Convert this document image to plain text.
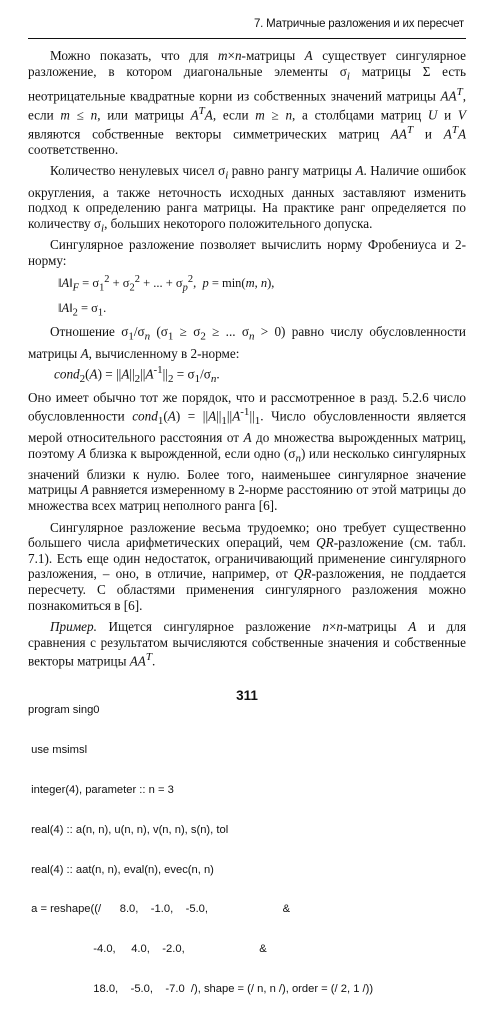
7. Матричные разложения и их пересчет

Можно показать, что для m×n-матрицы A существует сингулярное разложение, в котором диагональные элементы $\sigma_i$ матрицы Σ есть неотрицательные квадратные корни из собственных значений матрицы $AA^T$, если m ≤ n, или матрицы $A^TA$, если m ≥ n, а столбцами матриц U и V являются собственные векторы симметрических матриц $AA^T$ и $A^TA$ соответственно.

Количество ненулевых чисел $\sigma_i$ равно рангу матрицы A. Наличие ошибок округления, а также неточность исходных данных заставляют изменить подход к определению ранга матрицы. На практике ранг определяется по количеству $\sigma_i$, больших некоторого положительного допуска.

Сингулярное разложение позволяет вычислить норму Фробениуса и 2-норму:

$‖A‖_F = \sigma_1^2 + \sigma_2^2$ + ... + $\sigma_p^2$,  p = min(m, n),

$‖A‖_2 = \sigma_1$.

Отношение $\sigma_1/\sigma_n$ ($\sigma_1 \ge \sigma_2$ ≥ ... $\sigma_n > 0$) равно числу обусловленности матрицы A, вычисленному в 2-норме:

cond$_2$(A) = $||A||_2||A^{-1}||_2 = \sigma_1/\sigma_n$.

Оно имеет обычно тот же порядок, что и рассмотренное в разд. 5.2.6 число обусловленности cond$_1$(A) = $||A||_1||A^{-1}||_1$. Число обусловленности является мерой относительного расстояния от A до множества вырожденных матриц, поэтому A близка к вырожденной, если одно $(\sigma_n)$ или несколько сингулярных значений близки к нулю. Более того, наименьшее сингулярное значение матрицы A равняется измеренному в 2-норме расстоянию от этой матрицы до множества всех матриц неполного ранга [6].

Сингулярное разложение весьма трудоемко; оно требует существенно большего числа арифметических операций, чем QR-разложение (см. табл. 7.1). Есть еще один недостаток, ограничивающий применение сингулярного разложения, – оно, в отличие, например, от QR-разложения, не поддается пересчету. С областями применения сингулярного разложения можно познакомиться в [6].

Пример. Ищется сингулярное разложение n×n-матрицы A и для сравнения с результатом вычисляются собственные значения и собственные векторы матрицы $AA^T$.

program sing0

use msimsl

integer(4), parameter :: n = 3

real(4) :: a(n, n), u(n, n), v(n, n), s(n), tol

real(4) :: aat(n, n), eval(n), evec(n, n)

a = reshape((/      8.0,    -1.0,    -5.0,                        &

-4.0,     4.0,    -2.0,                        &

18.0,    -5.0,    -7.0  /), shape = (/ n, n /), order = (/ 2, 1 /))

311
